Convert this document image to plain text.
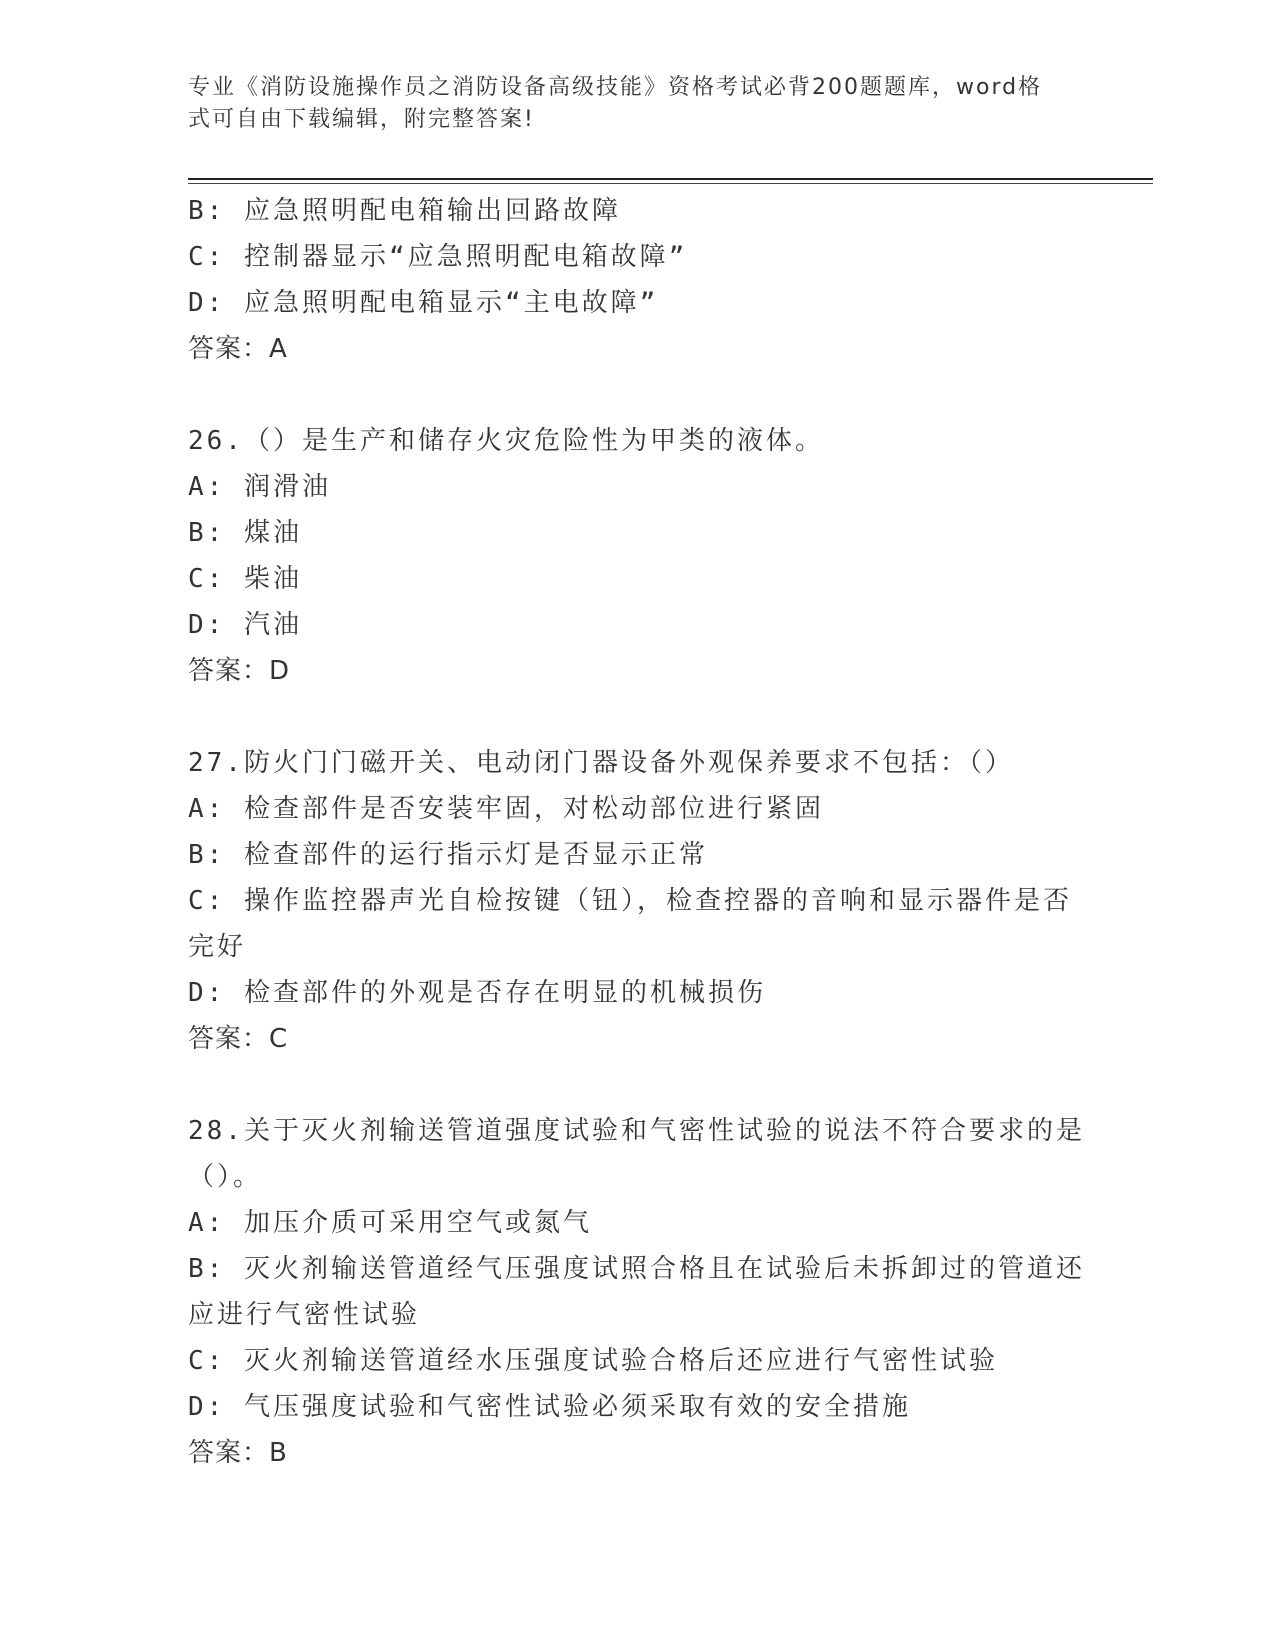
专业《消防设施操作员之消防设备高级技能》资格考试必背200题题库，word格
式可自由下载编辑，附完整答案!
B: 应急照明配电箱输出回路故障
C: 控制器显示“应急照明配电箱故障”
D: 应急照明配电箱显示“主电故障”
答案：A
26.（）是生产和储存火灾危险性为甲类的液体。
A: 润滑油
B: 煤油
C: 柴油
D: 汽油
答案：D
27.防火门门磁开关、电动闭门器设备外观保养要求不包括：（）
A: 检查部件是否安装牢固，对松动部位进行紧固
B: 检查部件的运行指示灯是否显示正常
C: 操作监控器声光自检按键（钮），检查控器的音响和显示器件是否完好
D: 检查部件的外观是否存在明显的机械损伤
答案：C
28.关于灭火剂输送管道强度试验和气密性试验的说法不符合要求的是（）。
A: 加压介质可采用空气或氮气
B: 灭火剂输送管道经气压强度试照合格且在试验后未拆卸过的管道还应进行气密性试验
C: 灭火剂输送管道经水压强度试验合格后还应进行气密性试验
D: 气压强度试验和气密性试验必须采取有效的安全措施
答案：B
